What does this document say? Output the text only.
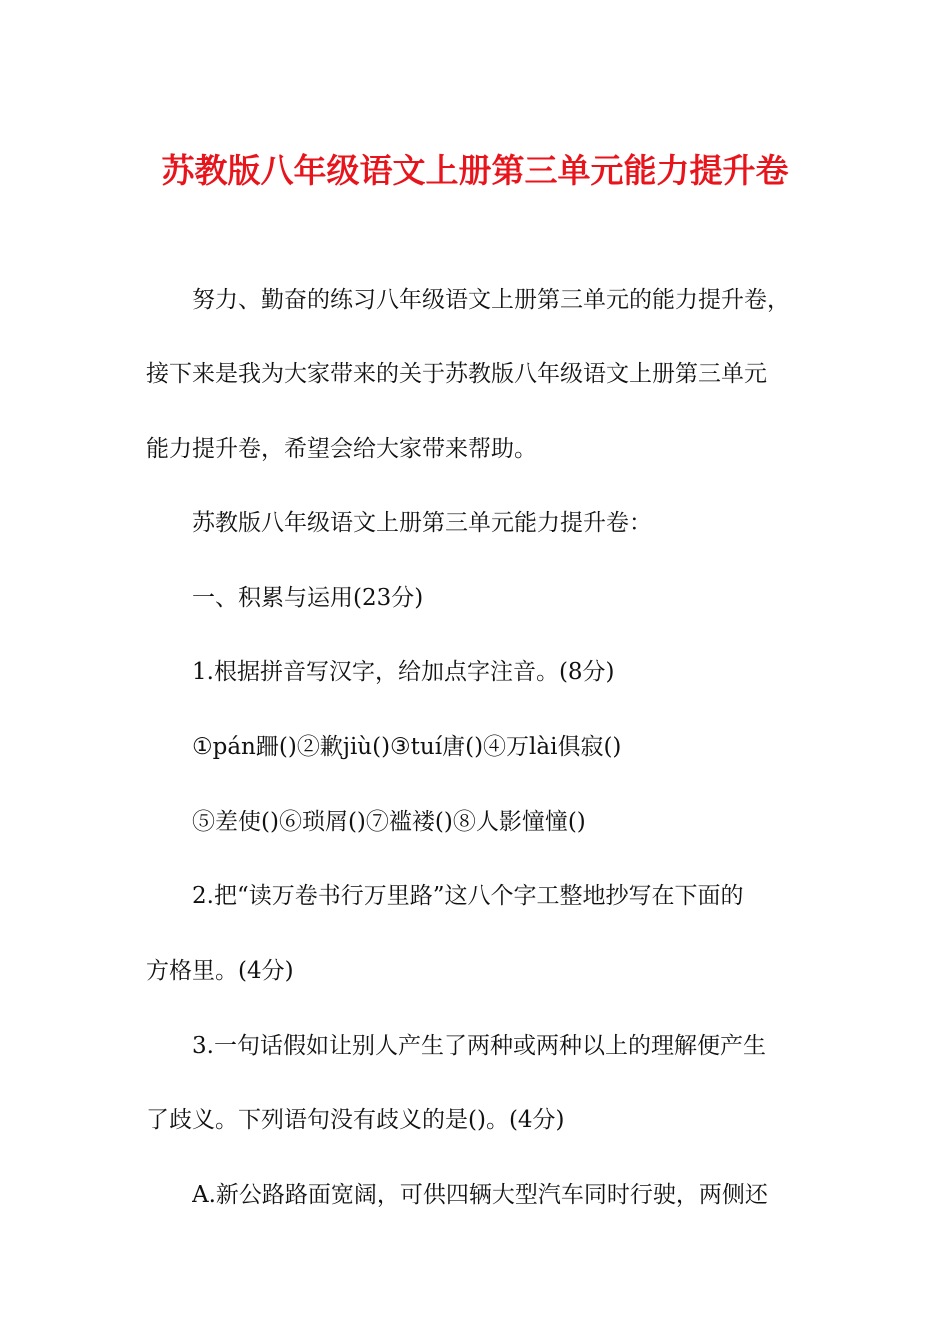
苏教版八年级语文上册第三单元能力提升卷
努力、勤奋的练习八年级语文上册第三单元的能力提升卷，
接下来是我为大家带来的关于苏教版八年级语文上册第三单元
能力提升卷，希望会给大家带来帮助。
苏教版八年级语文上册第三单元能力提升卷：
一、积累与运用(23分)
1.根据拼音写汉字，给加点字注音。(8分)
①pán跚()②歉jiù()③tuí唐()④万lài俱寂()
⑤差使()⑥琐屑()⑦褴褛()⑧人影憧憧()
2.把“读万卷书行万里路”这八个字工整地抄写在下面的
方格里。(4分)
3.一句话假如让别人产生了两种或两种以上的理解便产生
了歧义。下列语句没有歧义的是()。(4分)
A.新公路路面宽阔，可供四辆大型汽车同时行驶，两侧还
